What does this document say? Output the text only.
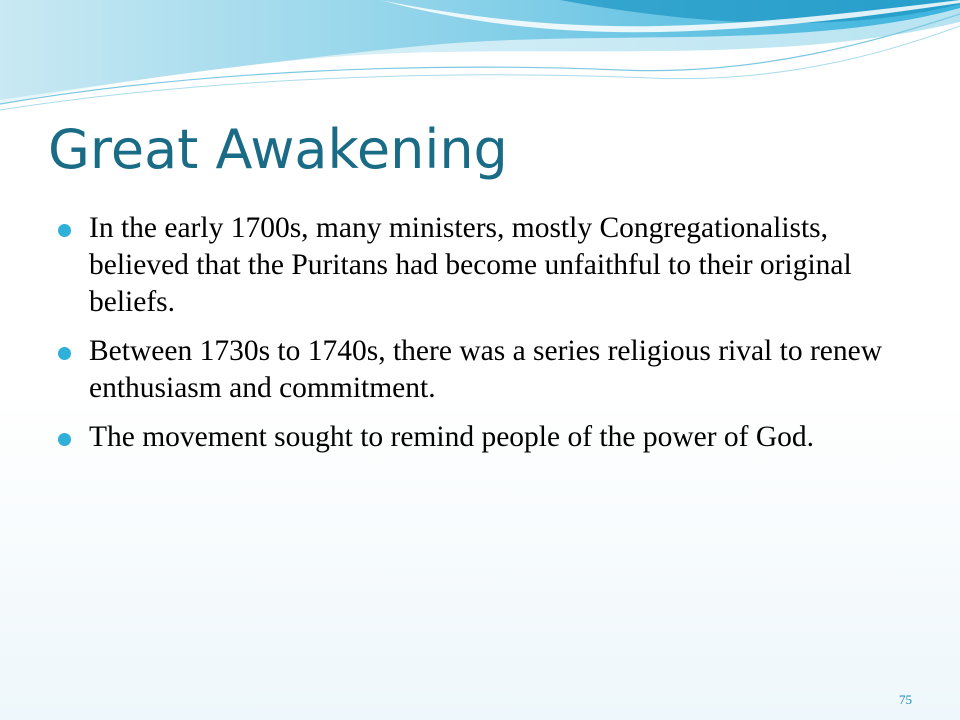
Great Awakening
In the early 1700s, many ministers, mostly Congregationalists, believed that the Puritans had become unfaithful to their original beliefs.
Between 1730s to 1740s, there was a series religious rival to renew enthusiasm and commitment.
The movement sought to remind people of the power of God.
75
